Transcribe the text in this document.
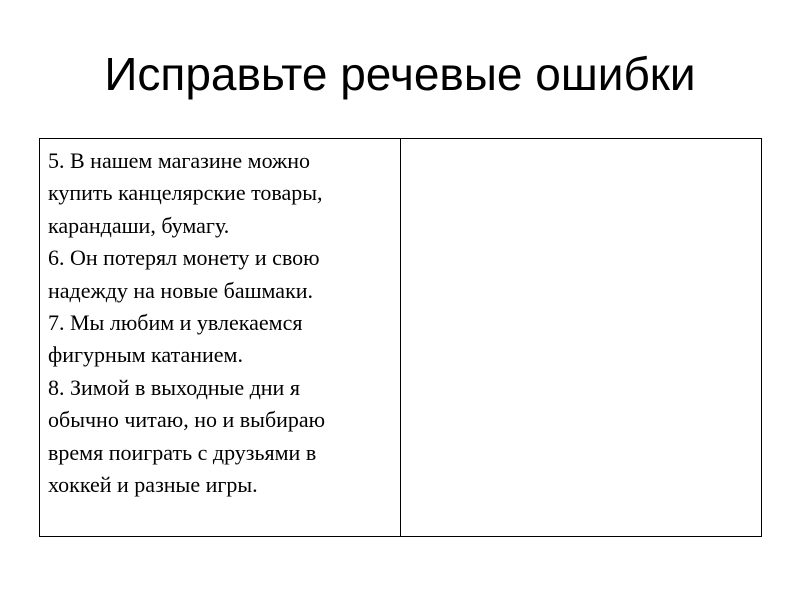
Исправьте речевые ошибки
5. В нашем магазине можно
купить канцелярские товары,
карандаши, бумагу.
6. Он потерял монету и свою
надежду на новые башмаки.
7. Мы любим и увлекаемся
фигурным катанием.
8. Зимой в выходные дни я
обычно читаю, но и выбираю
время поиграть с друзьями в
хоккей и разные игры.
